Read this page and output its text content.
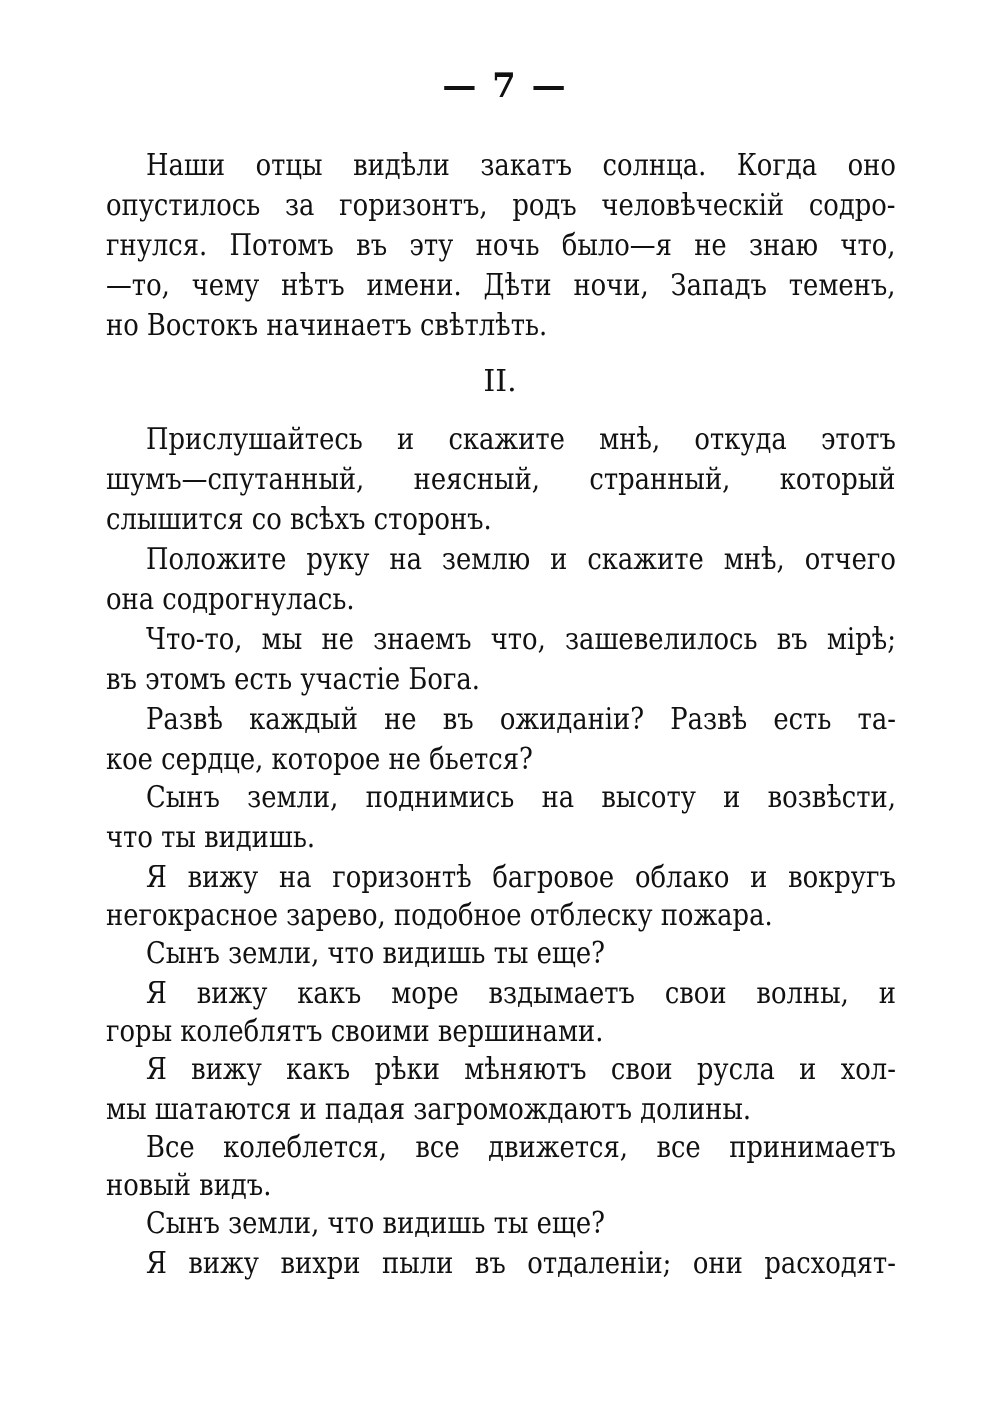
— 7 —
Наши отцы видѣли закатъ солнца. Когда оно
опустилось за горизонтъ, родъ человѣческій содро-
гнулся. Потомъ въ эту ночь было—я не знаю что,
—то, чему нѣтъ имени. Дѣти ночи, Западъ теменъ,
но Востокъ начинаетъ свѣтлѣть.
II.
Прислушайтесь и скажите мнѣ, откуда этотъ
шумъ—спутанный, неясный, странный, который
слышится со всѣхъ сторонъ.
Положите руку на землю и скажите мнѣ, отчего
она содрогнулась.
Что-то, мы не знаемъ что, зашевелилось въ мірѣ;
въ этомъ есть участіе Бога.
Развѣ каждый не въ ожиданіи? Развѣ есть та-
кое сердце, которое не бьется?
Сынъ земли, поднимись на высоту и возвѣсти,
что ты видишь.
Я вижу на горизонтѣ багровое облако и вокругъ
негокрасное зарево, подобное отблеску пожара.
Сынъ земли, что видишь ты еще?
Я вижу какъ море вздымаетъ свои волны, и
горы колеблятъ своими вершинами.
Я вижу какъ рѣки мѣняютъ свои русла и хол-
мы шатаются и падая загромождаютъ долины.
Все колеблется, все движется, все принимаетъ
новый видъ.
Сынъ земли, что видишь ты еще?
Я вижу вихри пыли въ отдаленіи; они расходят-
